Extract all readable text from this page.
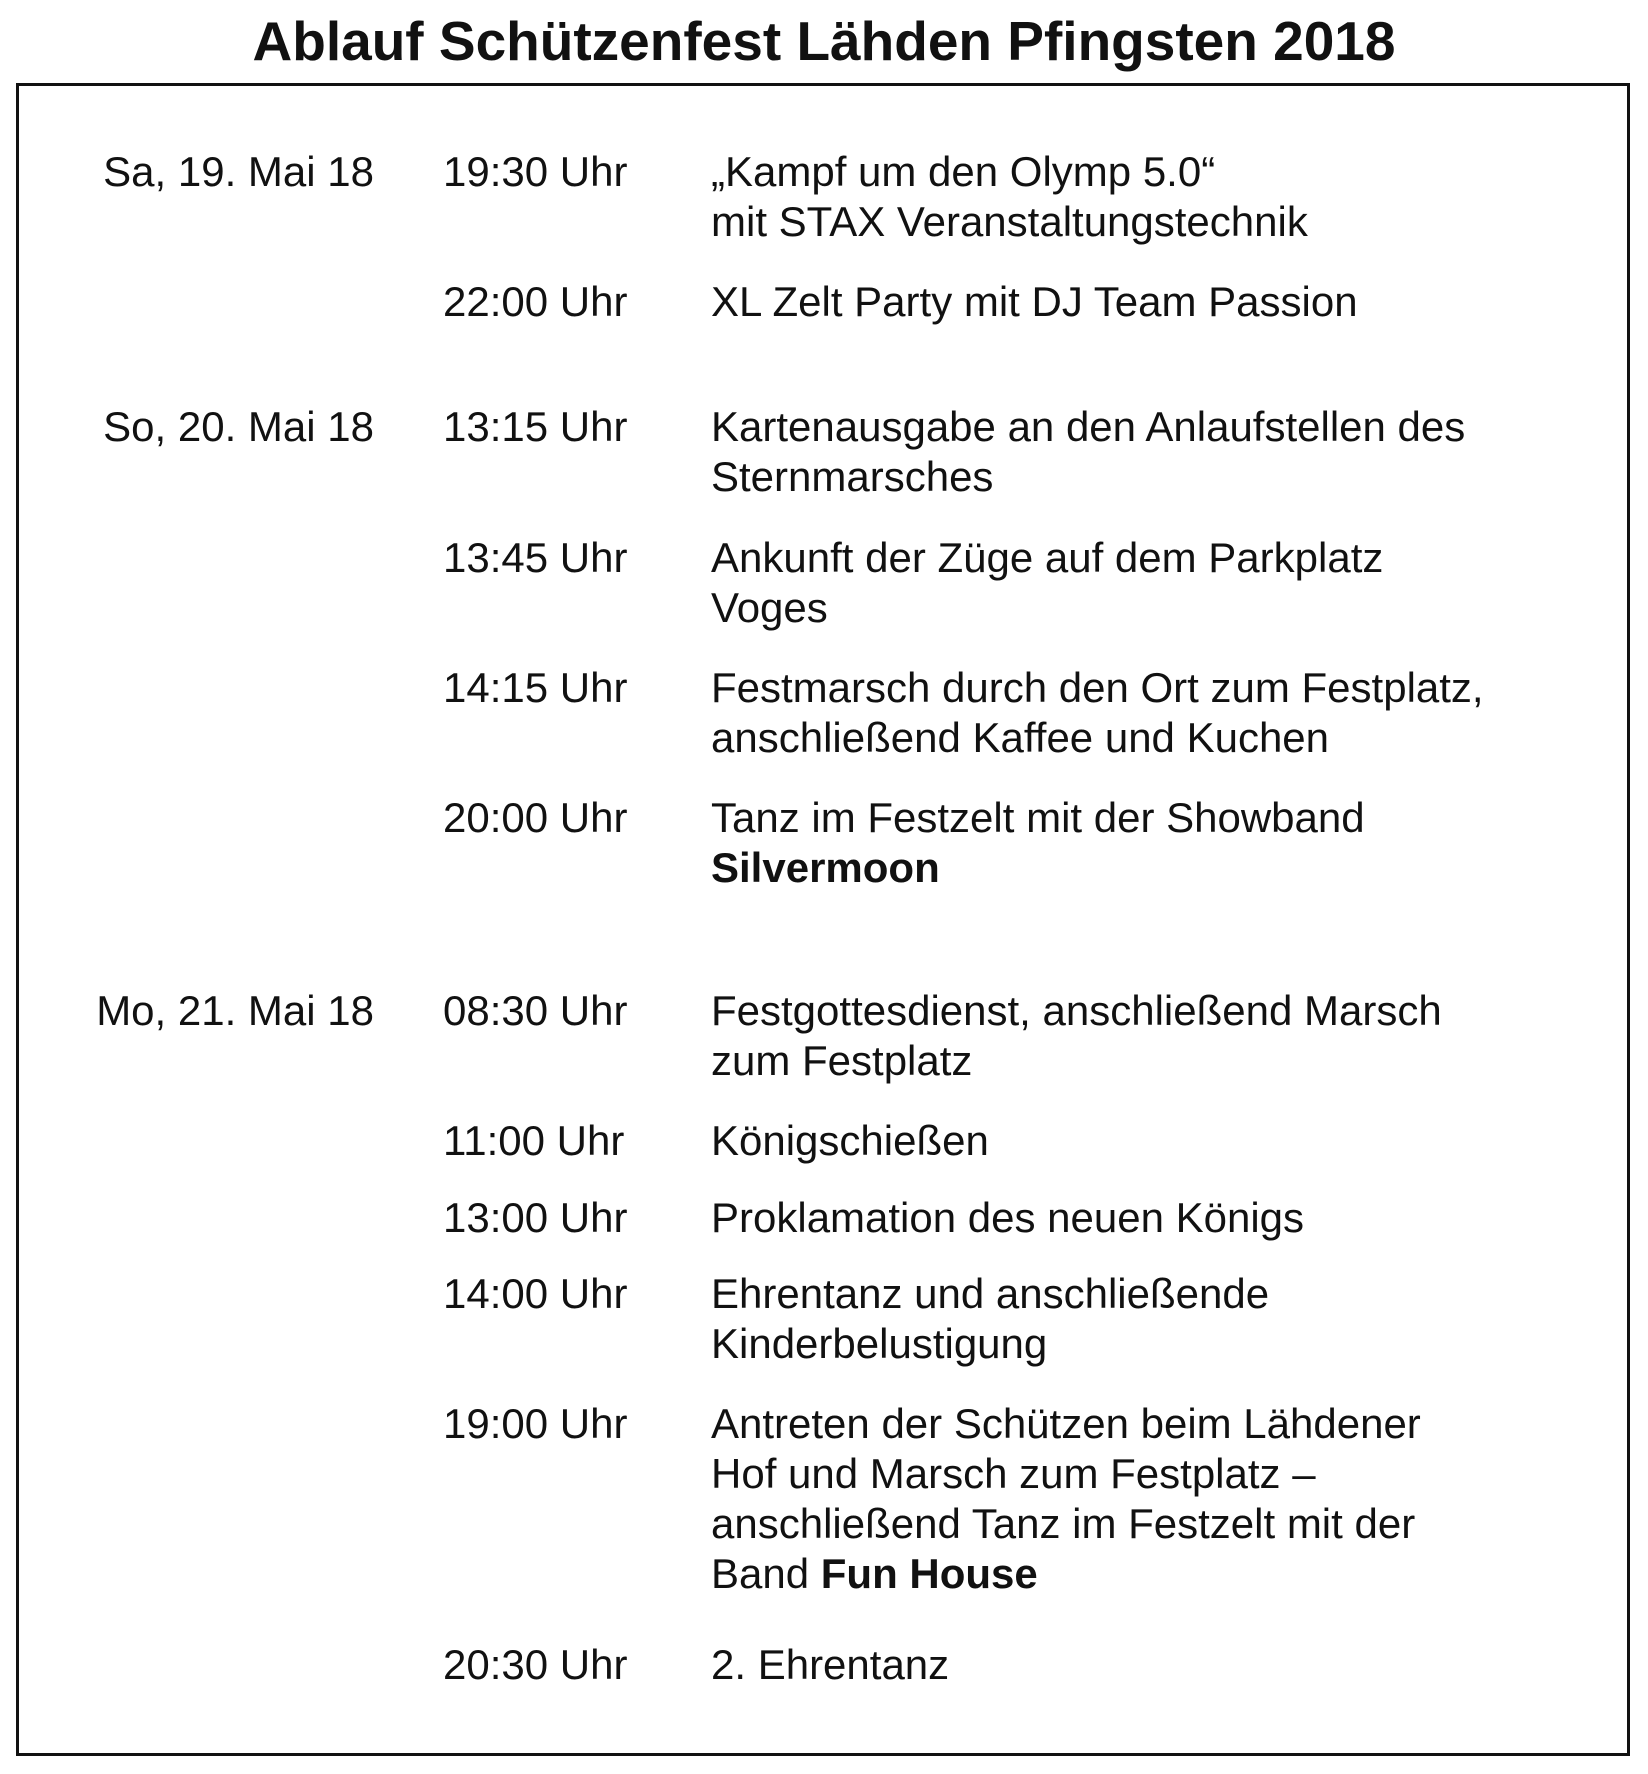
Ablauf Schützenfest Lähden Pfingsten 2018
Sa, 19. Mai 18 19:30 Uhr „Kampf um den Olymp 5.0“
mit STAX Veranstaltungstechnik
22:00 Uhr XL Zelt Party mit DJ Team Passion
So, 20. Mai 18 13:15 Uhr Kartenausgabe an den Anlaufstellen des
Sternmarsches
13:45 Uhr Ankunft der Züge auf dem Parkplatz
Voges
14:15 Uhr Festmarsch durch den Ort zum Festplatz,
anschließend Kaffee und Kuchen
20:00 Uhr Tanz im Festzelt mit der Showband
Silvermoon
Mo, 21. Mai 18 08:30 Uhr Festgottesdienst, anschließend Marsch
zum Festplatz
11:00 Uhr Königschießen
13:00 Uhr Proklamation des neuen Königs
14:00 Uhr Ehrentanz und anschließende
Kinderbelustigung
19:00 Uhr Antreten der Schützen beim Lähdener
Hof und Marsch zum Festplatz –
anschließend Tanz im Festzelt mit der
Band Fun House
20:30 Uhr 2. Ehrentanz
